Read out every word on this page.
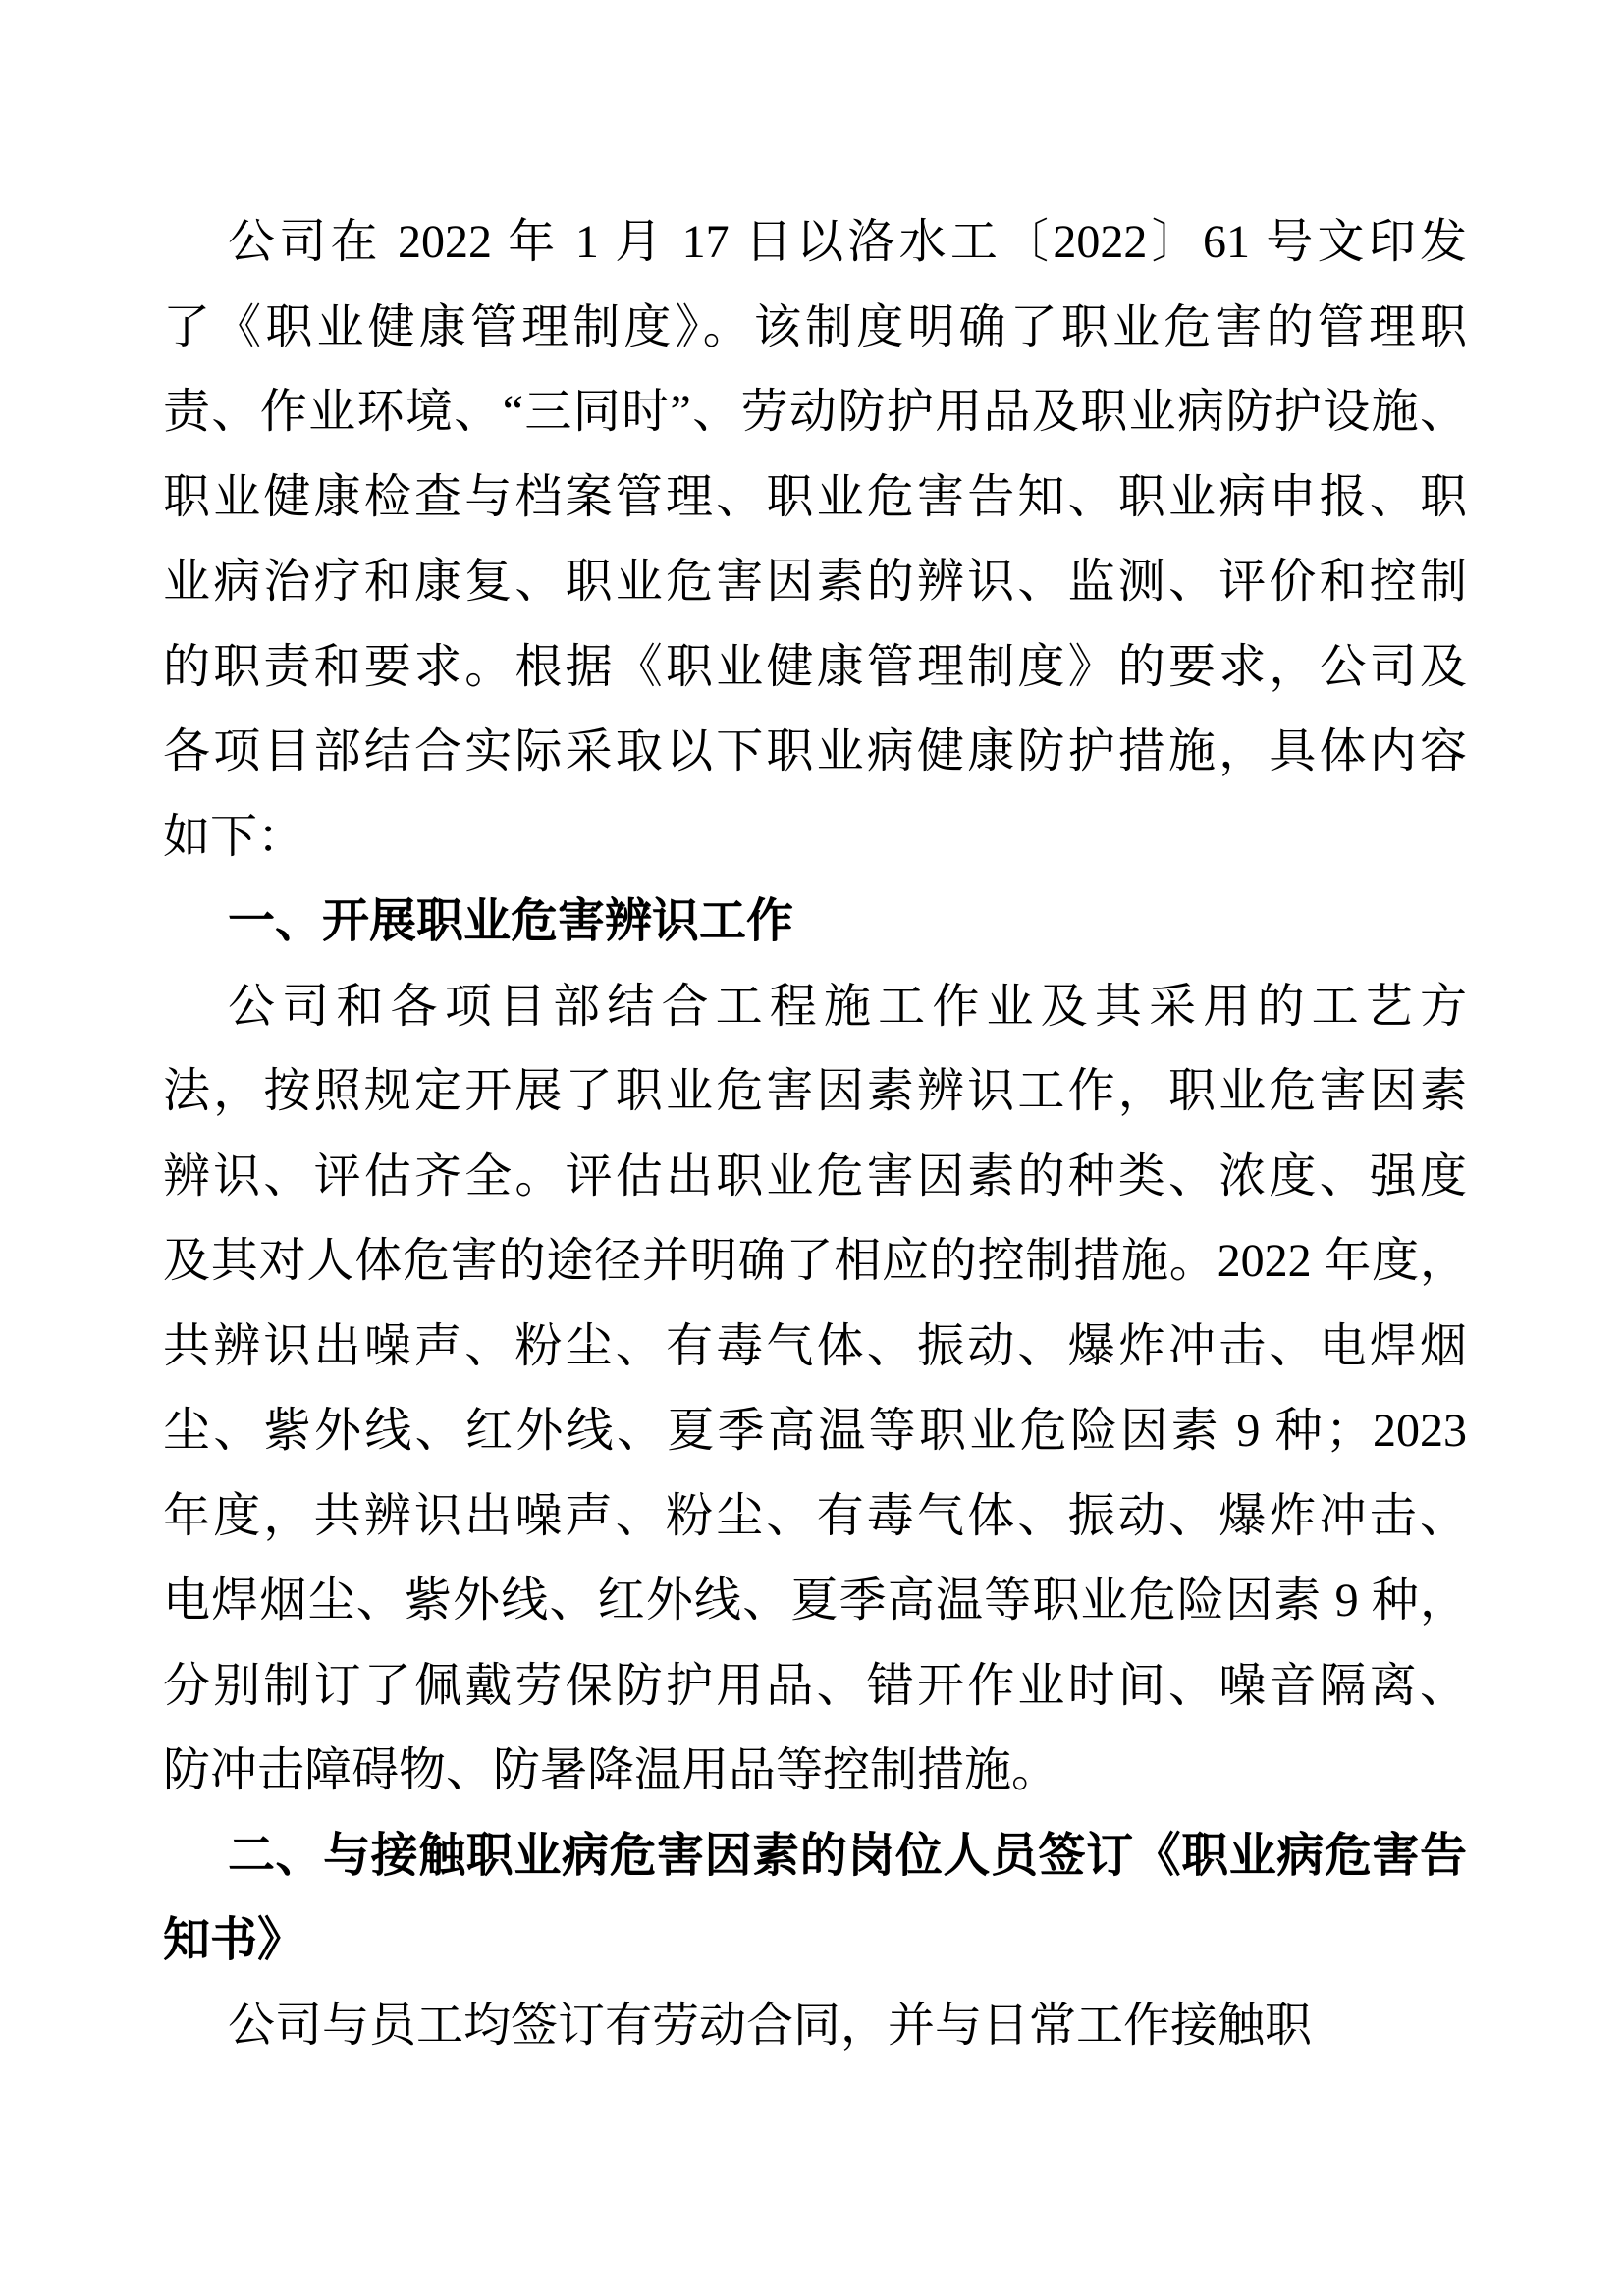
公司在 2022 年 1 月 17 日以洛水工〔2022〕61 号文印发
了《职业健康管理制度》。该制度明确了职业危害的管理职
责、作业环境、“三同时”、劳动防护用品及职业病防护设施、
职业健康检查与档案管理、职业危害告知、职业病申报、职
业病治疗和康复、职业危害因素的辨识、监测、评价和控制
的职责和要求。根据《职业健康管理制度》的要求，公司及
各项目部结合实际采取以下职业病健康防护措施，具体内容
如下：
一、开展职业危害辨识工作
公司和各项目部结合工程施工作业及其采用的工艺方
法，按照规定开展了职业危害因素辨识工作，职业危害因素
辨识、评估齐全。评估出职业危害因素的种类、浓度、强度
及其对人体危害的途径并明确了相应的控制措施。2022 年度，
共辨识出噪声、粉尘、有毒气体、振动、爆炸冲击、电焊烟
尘、紫外线、红外线、夏季高温等职业危险因素 9 种；2023
年度，共辨识出噪声、粉尘、有毒气体、振动、爆炸冲击、
电焊烟尘、紫外线、红外线、夏季高温等职业危险因素 9 种，
分别制订了佩戴劳保防护用品、错开作业时间、噪音隔离、
防冲击障碍物、防暑降温用品等控制措施。
二、与接触职业病危害因素的岗位人员签订《职业病危害告
知书》
公司与员工均签订有劳动合同，并与日常工作接触职
